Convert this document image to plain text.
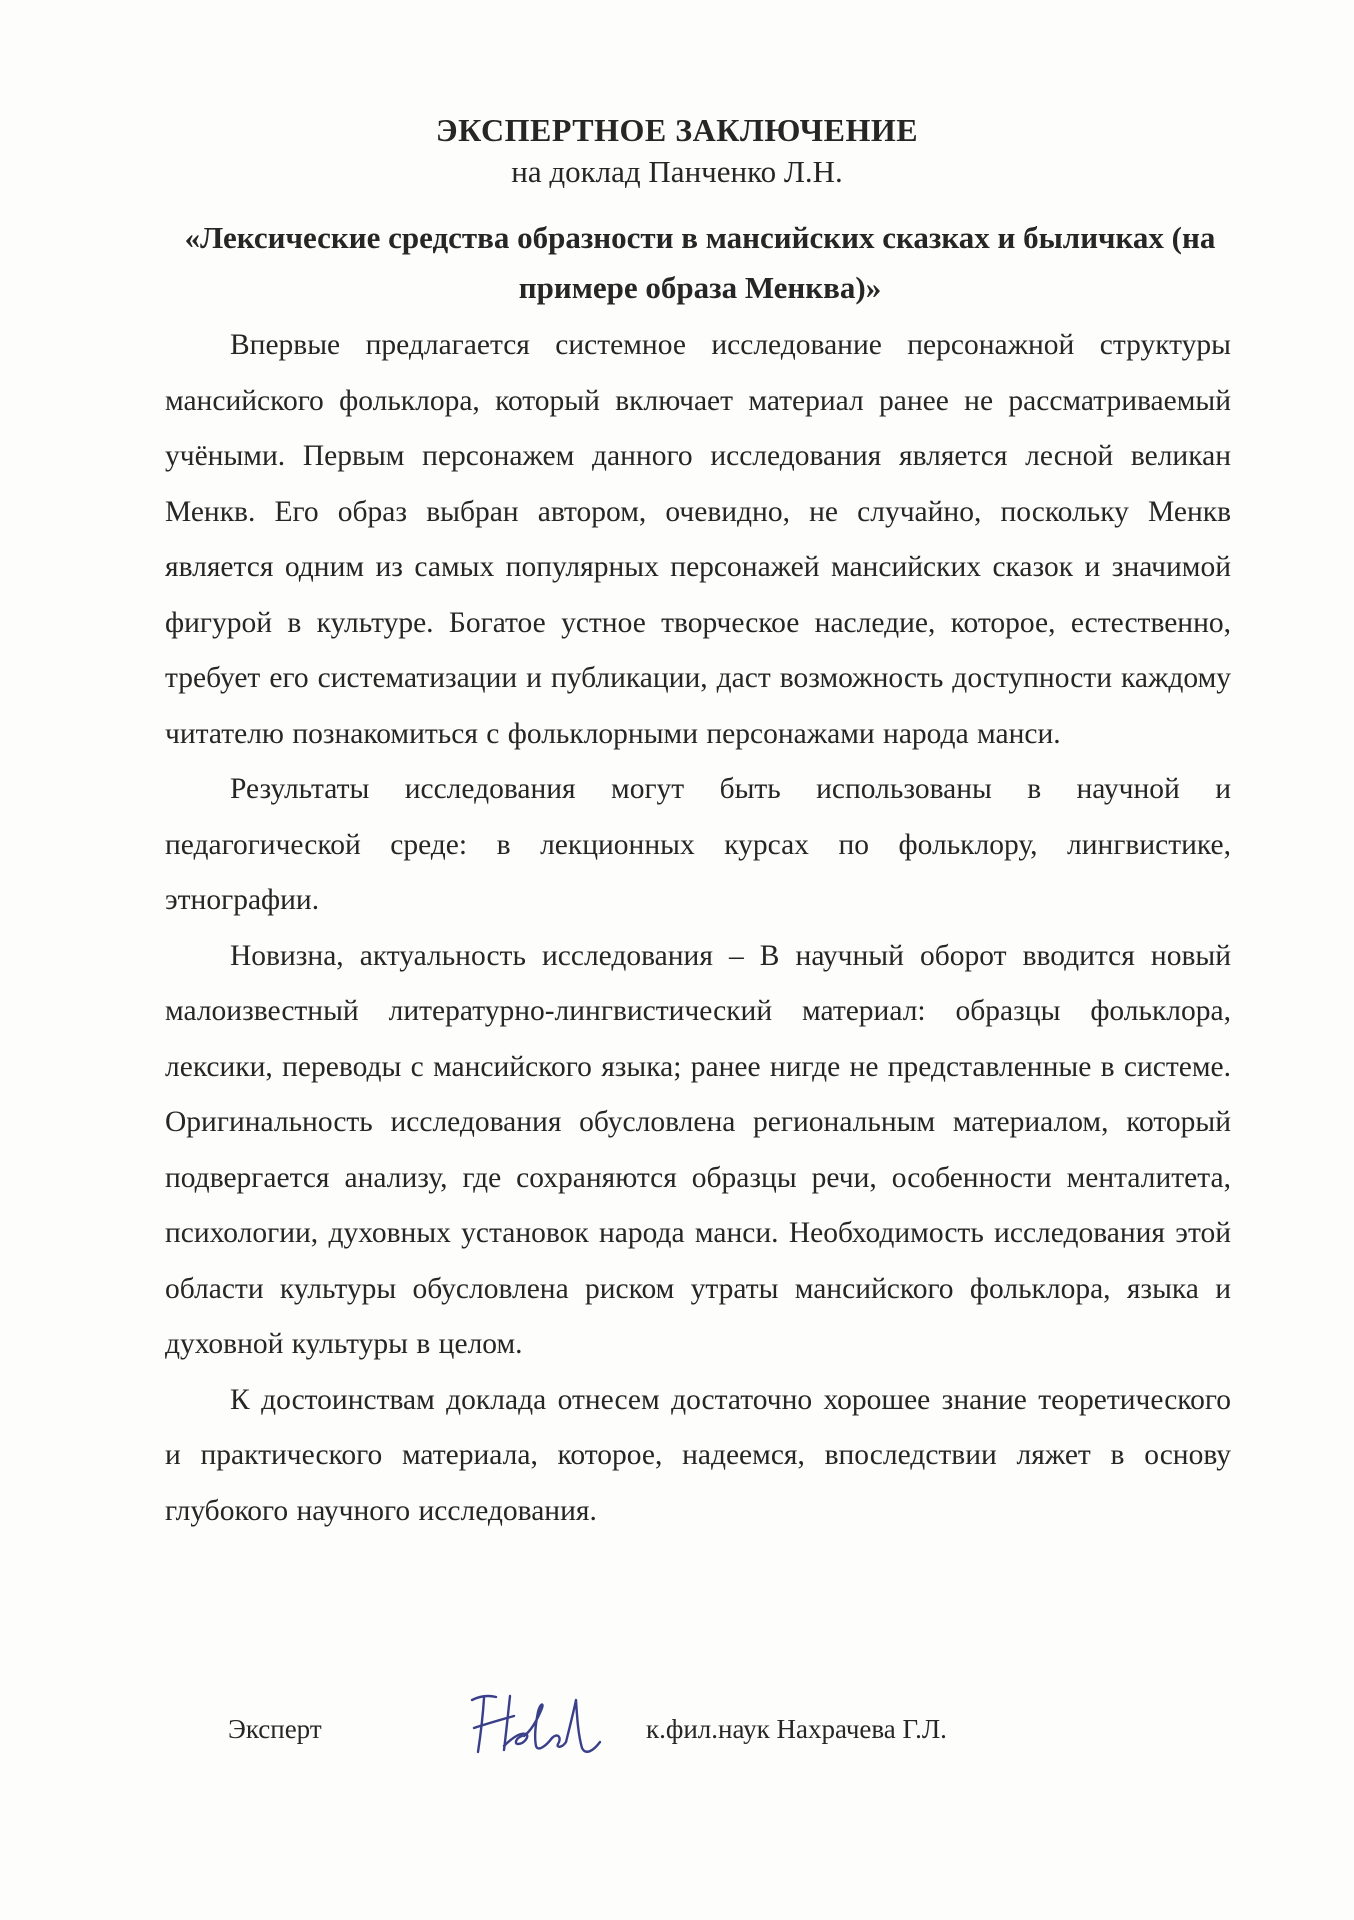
ЭКСПЕРТНОЕ ЗАКЛЮЧЕНИЕ
на доклад Панченко Л.Н.
«Лексические средства образности в мансийских сказках и быличках (на примере образа Менква)»

Впервые предлагается системное исследование персонажной структуры мансийского фольклора, который включает материал ранее не рассматриваемый учёными. Первым персонажем данного исследования является лесной великан Менкв. Его образ выбран автором, очевидно, не случайно, поскольку Менкв является одним из самых популярных персонажей мансийских сказок и значимой фигурой в культуре. Богатое устное творческое наследие, которое, естественно, требует его систематизации и публикации, даст возможность доступности каждому читателю познакомиться с фольклорными персонажами народа манси.

Результаты исследования могут быть использованы в научной и педагогической среде: в лекционных курсах по фольклору, лингвистике, этнографии.

Новизна, актуальность исследования – В научный оборот вводится новый малоизвестный литературно-лингвистический материал: образцы фольклора, лексики, переводы с мансийского языка; ранее нигде не представленные в системе. Оригинальность исследования обусловлена региональным материалом, который подвергается анализу, где сохраняются образцы речи, особенности менталитета, психологии, духовных установок народа манси. Необходимость исследования этой области культуры обусловлена риском утраты мансийского фольклора, языка и духовной культуры в целом.

К достоинствам доклада отнесем достаточно хорошее знание теоретического и практического материала, которое, надеемся, впоследствии ляжет в основу глубокого научного исследования.

Эксперт	к.фил.наук Нахрачева Г.Л.
